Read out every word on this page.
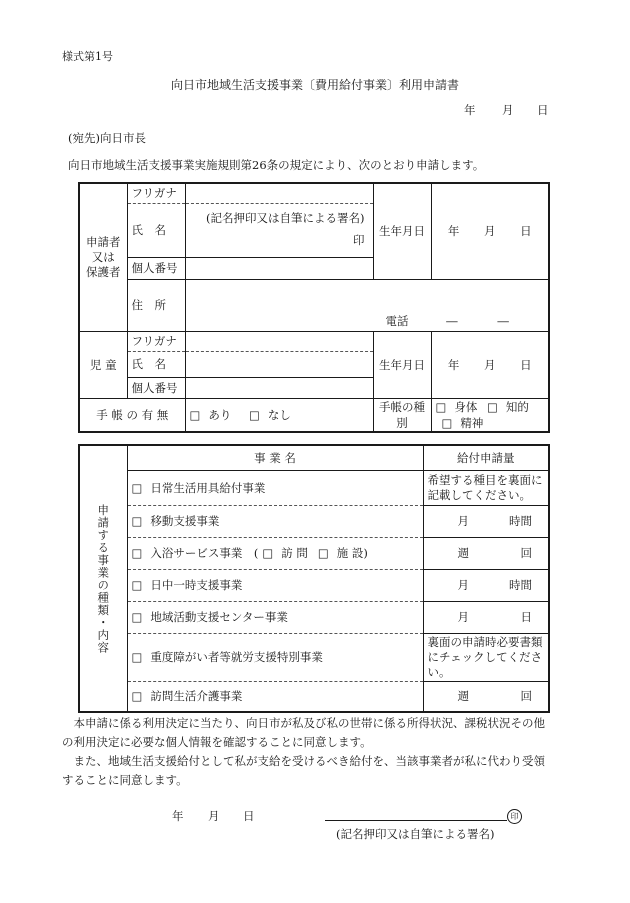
様式第1号
向日市地域生活支援事業〔費用給付事業〕利用申請書
年 月 日
(宛先)向日市長
向日市地域生活支援事業実施規則第26条の規定により、次のとおり申請します。
申請者
又は
保護者	フリガナ		生年月日	年 月 日

	氏　名	(記名押印又は自筆による署名)
印		

	個人番号			
	住　所	電話 ― ―		

児 童	フリガナ		生年月日	年 月 日

	氏　名			
	個人番号			
手 帳 の 有 無		□ あり □ なし	手帳の種別	□ 身体 □ 知的 □ 精神
申請する事業の種類・内容	事 業 名	給付申請量
	□ 日常生活用具給付事業	希望する種目を裏面に記載してください。
	□ 移動支援事業	月 時間

	□ 入浴サービス事業　( □ 訪 問 □ 施 設)	週 回

	□ 日中一時支援事業	月 時間

	□ 地域活動支援センター事業	月 日

	□ 重度障がい者等就労支援特別事業	裏面の申請時必要書類にチェックしてください。
	□ 訪問生活介護事業	週 回
本申請に係る利用決定に当たり、向日市が私及び私の世帯に係る所得状況、課税状況その他の利用決定に必要な個人情報を確認することに同意します。
また、地域生活支援給付として私が支給を受けるべき給付を、当該事業者が私に代わり受領することに同意します。
年 月 日	印
(記名押印又は自筆による署名)
